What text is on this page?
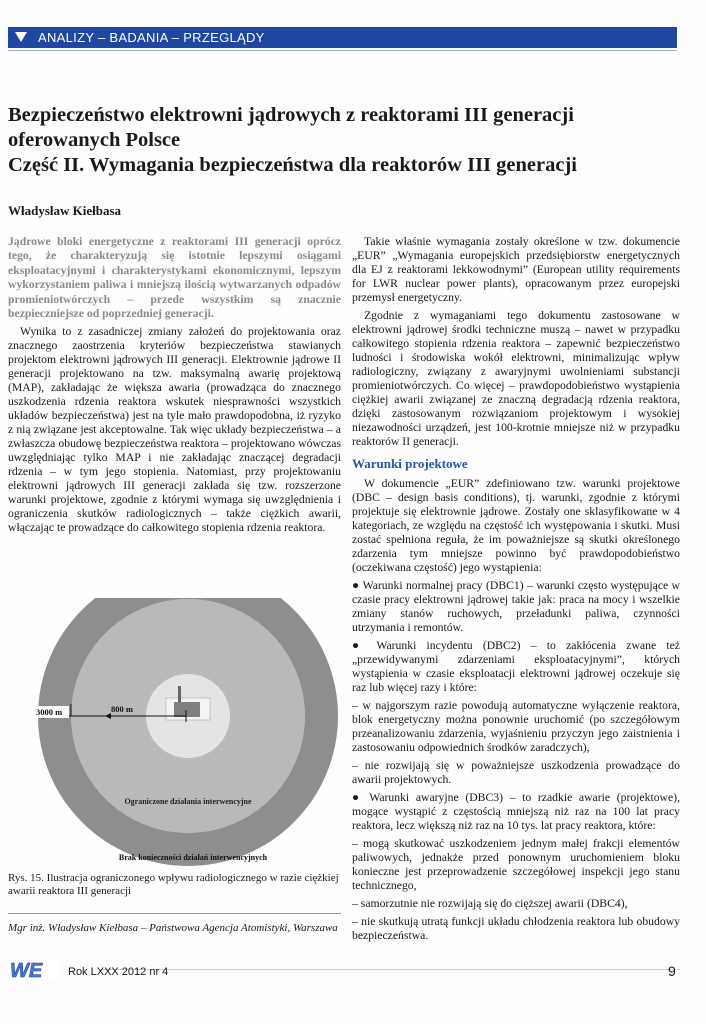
ANALIZY – BADANIA – PRZEGLĄDY
Bezpieczeństwo elektrowni jądrowych z reaktorami III generacji
oferowanych Polsce
Część II. Wymagania bezpieczeństwa dla reaktorów III generacji
Władysław Kiełbasa

Jądrowe bloki energetyczne z reaktorami III generacji oprócz tego, że charakteryzują się istotnie lepszymi osiągami eksploatacyjnymi i charakterystykami ekonomicznymi, lepszym wykorzystaniem paliwa i mniejszą ilością wytwarzanych odpadów promieniotwórczych – przede wszystkim są znacznie bezpieczniejsze od poprzedniej generacji.

Wynika to z zasadniczej zmiany założeń do projektowania oraz znacznego zaostrzenia kryteriów bezpieczeństwa stawianych projektom elektrowni jądrowych III generacji. Elektrownie jądrowe II generacji projektowano na tzw. maksymalną awarię projektową (MAP), zakładając że większa awaria (prowadząca do znacznego uszkodzenia rdzenia reaktora wskutek niesprawności wszystkich układów bezpieczeństwa) jest na tyle mało prawdopodobna, iż ryzyko z nią związane jest akceptowalne. Tak więc układy bezpieczeństwa – a zwłaszcza obudowę bezpieczeństwa reaktora – projektowano wówczas uwzględniając tylko MAP i nie zakładając znaczącej degradacji rdzenia – w tym jego stopienia. Natomiast, przy projektowaniu elektrowni jądrowych III generacji zakłada się tzw. rozszerzone warunki projektowe, zgodnie z którymi wymaga się uwzględnienia i ograniczenia skutków radiologicznych – także ciężkich awarii, włączając te prowadzące do całkowitego stopienia rdzenia reaktora.

3000 m	800 m
Ograniczone działania interwencyjne
Brak konieczności działań interwencyjnych
Rys. 15. Ilustracja ograniczonego wpływu radiologicznego w razie ciężkiej awarii reaktora III generacji
Mgr inż. Władysław Kiełbasa – Państwowa Agencja Atomistyki, Warszawa

Takie właśnie wymagania zostały określone w tzw. dokumencie „EUR” „Wymagania europejskich przedsiębiorstw energetycznych dla EJ z reaktorami lekkowodnymi” (European utility requirements for LWR nuclear power plants), opracowanym przez europejski przemysł energetyczny.

Zgodnie z wymaganiami tego dokumentu zastosowane w elektrowni jądrowej środki techniczne muszą – nawet w przypadku całkowitego stopienia rdzenia reaktora – zapewnić bezpieczeństwo ludności i środowiska wokół elektrowni, minimalizując wpływ radiologiczny, związany z awaryjnymi uwolnieniami substancji promieniotwórczych. Co więcej – prawdopodobieństwo wystąpienia ciężkiej awarii związanej ze znaczną degradacją rdzenia reaktora, dzięki zastosowanym rozwiązaniom projektowym i wysokiej niezawodności urządzeń, jest 100-krotnie mniejsze niż w przypadku reaktorów II generacji.

Warunki projektowe

W dokumencie „EUR” zdefiniowano tzw. warunki projektowe (DBC – design basis conditions), tj. warunki, zgodnie z którymi projektuje się elektrownie jądrowe. Zostały one sklasyfikowane w 4 kategoriach, ze względu na częstość ich występowania i skutki. Musi zostać spełniona reguła, że im poważniejsze są skutki określonego zdarzenia tym mniejsze powinno być prawdopodobieństwo (oczekiwana częstość) jego wystąpienia:

● Warunki normalnej pracy (DBC1) – warunki często występujące w czasie pracy elektrowni jądrowej takie jak: praca na mocy i wszelkie zmiany stanów ruchowych, przeładunki paliwa, czynności utrzymania i remontów.

● Warunki incydentu (DBC2) – to zakłócenia zwane też „przewidywanymi zdarzeniami eksploatacyjnymi”, których wystąpienia w czasie eksploatacji elektrowni jądrowej oczekuje się raz lub więcej razy i które:

– w najgorszym razie powodują automatyczne wyłączenie reaktora, blok energetyczny można ponownie uruchomić (po szczegółowym przeanalizowaniu zdarzenia, wyjaśnieniu przyczyn jego zaistnienia i zastosowaniu odpowiednich środków zaradczych),

– nie rozwijają się w poważniejsze uszkodzenia prowadzące do awarii projektowych.

● Warunki awaryjne (DBC3) – to rzadkie awarie (projektowe), mogące wystąpić z częstością mniejszą niż raz na 100 lat pracy reaktora, lecz większą niż raz na 10 tys. lat pracy reaktora, które:

– mogą skutkować uszkodzeniem jednym małej frakcji elementów paliwowych, jednakże przed ponownym uruchomieniem bloku konieczne jest przeprowadzenie szczegółowej inspekcji jego stanu technicznego,

– samorzutnie nie rozwijają się do cięższej awarii (DBC4),

– nie skutkują utratą funkcji układu chłodzenia reaktora lub obudowy bezpieczeństwa.

WE Rok LXXX 2012 nr 4	9
